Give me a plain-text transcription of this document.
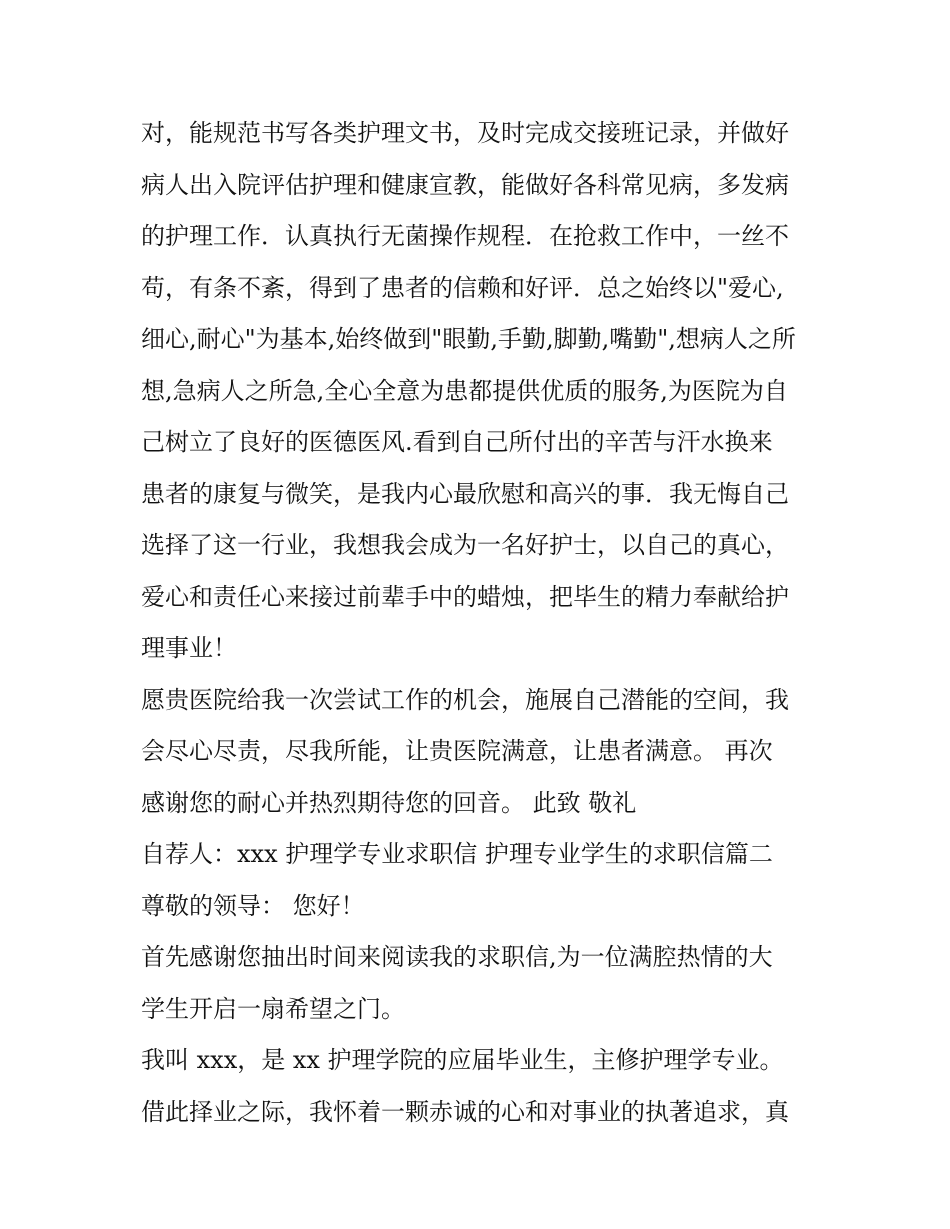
对，能规范书写各类护理文书，及时完成交接班记录，并做好
病人出入院评估护理和健康宣教，能做好各科常见病，多发病
的护理工作．认真执行无菌操作规程．在抢救工作中，一丝不
苟，有条不紊，得到了患者的信赖和好评．总之始终以"爱心,
细心,耐心"为基本,始终做到"眼勤,手勤,脚勤,嘴勤",想病人之所
想,急病人之所急,全心全意为患都提供优质的服务,为医院为自
己树立了良好的医德医风.看到自己所付出的辛苦与汗水换来
患者的康复与微笑，是我内心最欣慰和高兴的事．我无悔自己
选择了这一行业，我想我会成为一名好护士，以自己的真心，
爱心和责任心来接过前辈手中的蜡烛，把毕生的精力奉献给护
理事业！
愿贵医院给我一次尝试工作的机会，施展自己潜能的空间，我
会尽心尽责，尽我所能，让贵医院满意，让患者满意。 再次
感谢您的耐心并热烈期待您的回音。 此致 敬礼
自荐人：xxx 护理学专业求职信 护理专业学生的求职信篇二
尊敬的领导： 您好！
首先感谢您抽出时间来阅读我的求职信,为一位满腔热情的大
学生开启一扇希望之门。
我叫 xxx，是 xx 护理学院的应届毕业生，主修护理学专业。
借此择业之际，我怀着一颗赤诚的心和对事业的执著追求，真
